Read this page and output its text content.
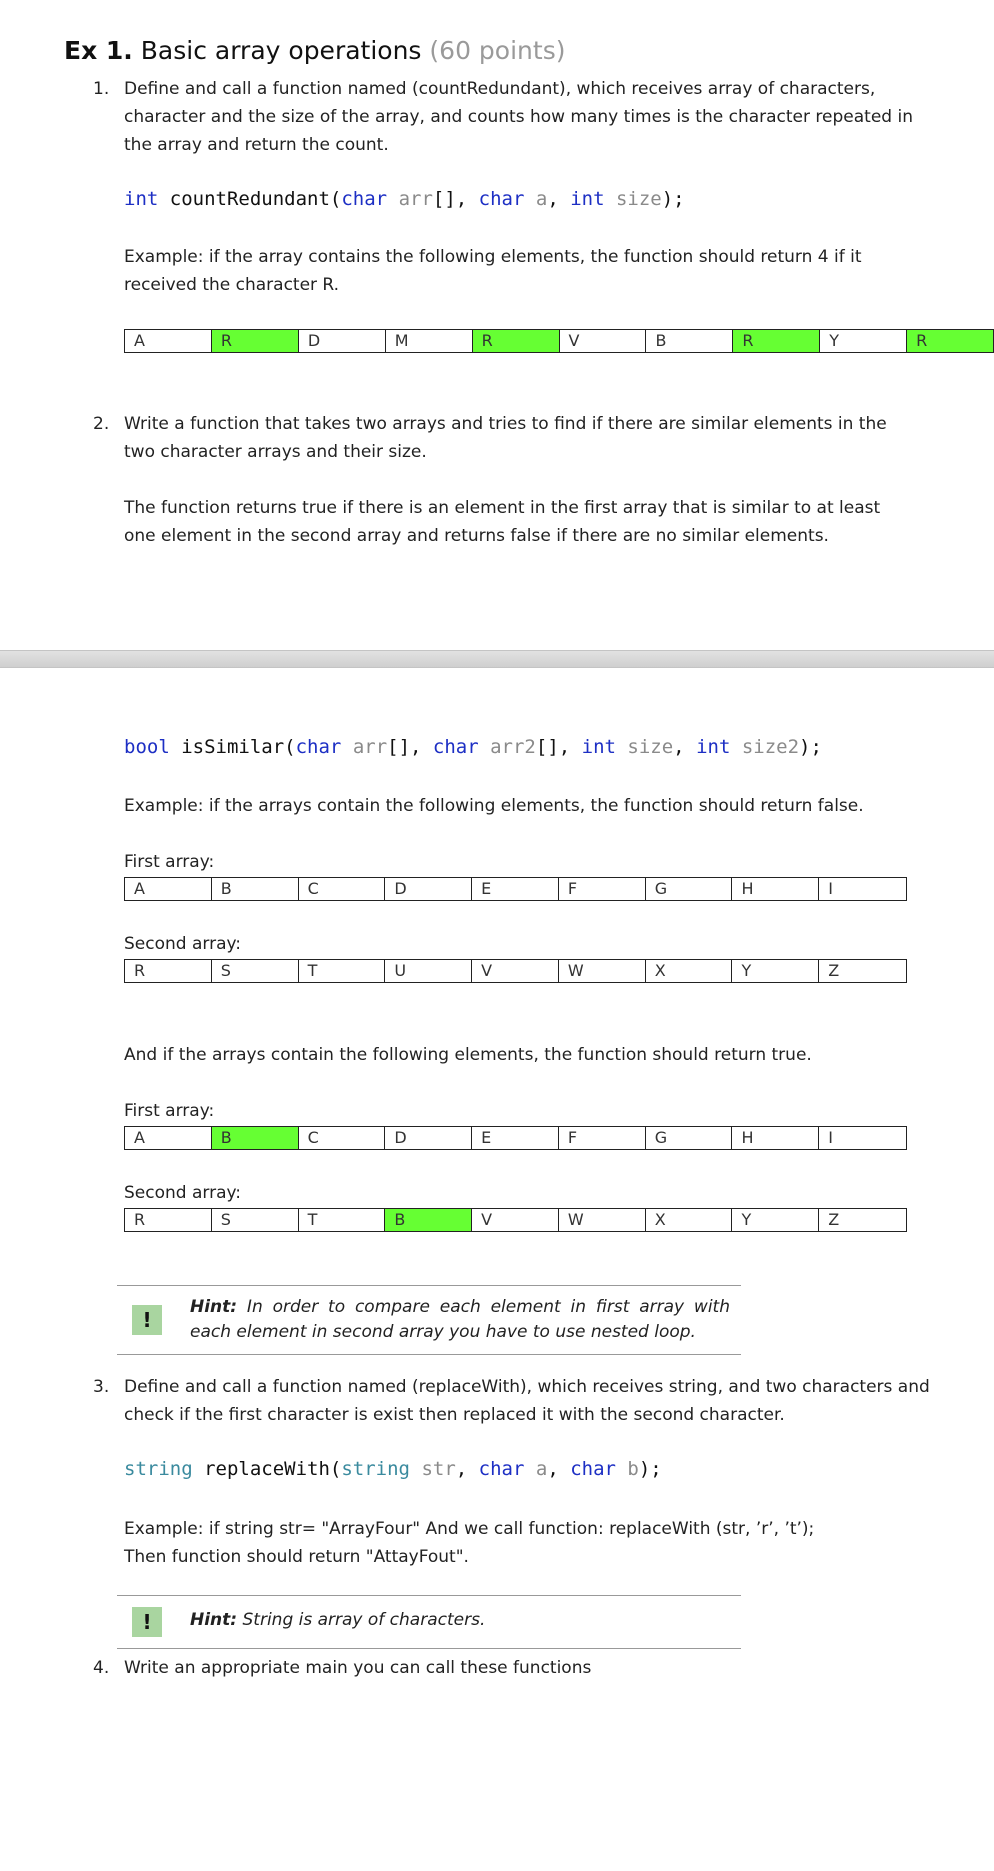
Ex 1. Basic array operations (60 points)
1. Define and call a function named (countRedundant), which receives array of characters, character and the size of the array, and counts how many times is the character repeated in the array and return the count.
int countRedundant(char arr[], char a, int size);
Example: if the array contains the following elements, the function should return 4 if it received the character R.
A	R	D	M	R	V	B	R	Y	R
2. Write a function that takes two arrays and tries to find if there are similar elements in the two character arrays and their size.
The function returns true if there is an element in the first array that is similar to at least one element in the second array and returns false if there are no similar elements.
bool isSimilar(char arr[], char arr2[], int size, int size2);
Example: if the arrays contain the following elements, the function should return false.
First array:
A	B	C	D	E	F	G	H	I
Second array:
R	S	T	U	V	W	X	Y	Z
And if the arrays contain the following elements, the function should return true.
First array:
A	B	C	D	E	F	G	H	I
Second array:
R	S	T	B	V	W	X	Y	Z
!
Hint: In order to compare each element in first array with each element in second array you have to use nested loop.
3. Define and call a function named (replaceWith), which receives string, and two characters and check if the first character is exist then replaced it with the second character.
string replaceWith(string str, char a, char b);
Example: if string str= "ArrayFour" And we call function: replaceWith (str, ’r’, ’t’);
Then function should return "AttayFout".
!	Hint: String is array of characters.
4. Write an appropriate main you can call these functions
